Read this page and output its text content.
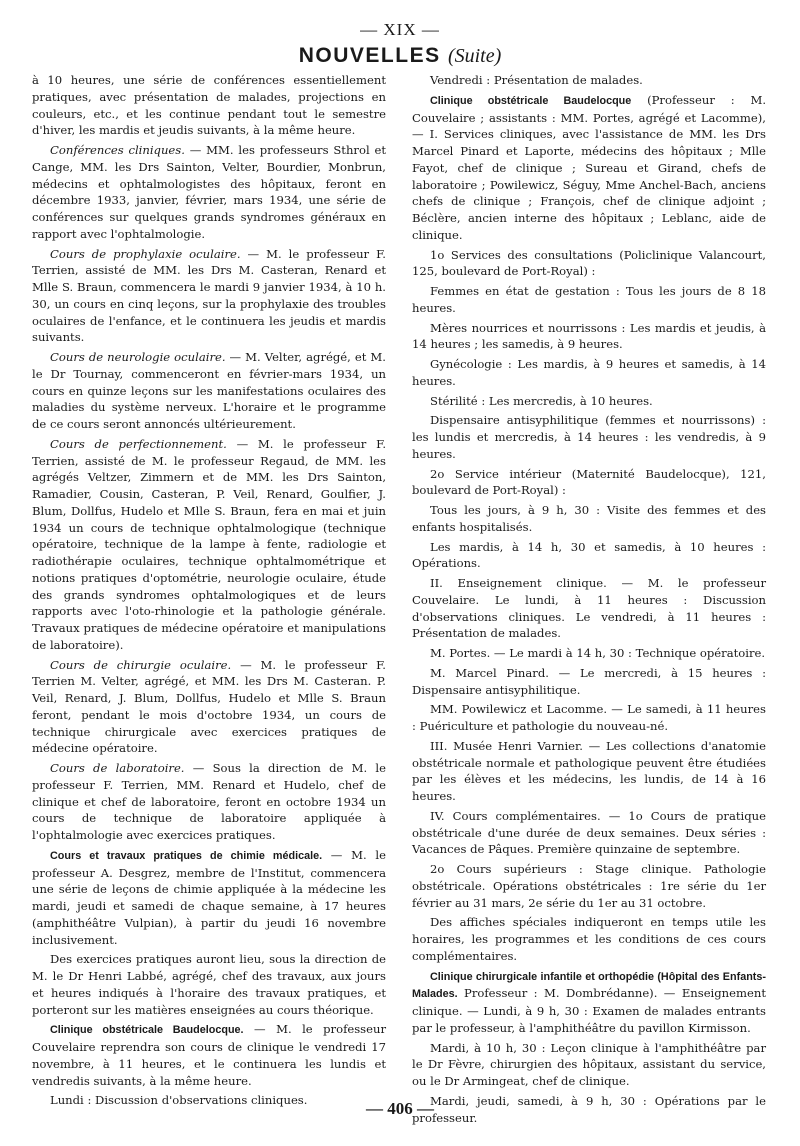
— XIX —
NOUVELLES (Suite)

à 10 heures, une série de conférences essentiellement pratiques, avec présentation de malades, projections en couleurs, etc., et les continue pendant tout le semestre d'hiver, les mardis et jeudis suivants, à la même heure.

Conférences cliniques. — MM. les professeurs Sthrol et Cange, MM. les Drs Sainton, Velter, Bourdier, Monbrun, médecins et ophtalmologistes des hôpitaux, feront en décembre 1933, janvier, février, mars 1934, une série de conférences sur quelques grands syndromes généraux en rapport avec l'ophtalmologie.

Cours de prophylaxie oculaire. — M. le professeur F. Terrien, assisté de MM. les Drs M. Casteran, Renard et Mlle S. Braun, commencera le mardi 9 janvier 1934, à 10 h. 30, un cours en cinq leçons, sur la prophylaxie des troubles oculaires de l'enfance, et le continuera les jeudis et mardis suivants.

Cours de neurologie oculaire. — M. Velter, agrégé, et M. le Dr Tournay, commenceront en février-mars 1934, un cours en quinze leçons sur les manifestations oculaires des maladies du système nerveux. L'horaire et le programme de ce cours seront annoncés ultérieurement.

Cours de perfectionnement. — M. le professeur F. Terrien, assisté de M. le professeur Regaud, de MM. les agrégés Veltzer, Zimmern et de MM. les Drs Sainton, Ramadier, Cousin, Casteran, P. Veil, Renard, Goulfier, J. Blum, Dollfus, Hudelo et Mlle S. Braun, fera en mai et juin 1934 un cours de technique ophtalmologique (technique opératoire, technique de la lampe à fente, radiologie et radiothérapie oculaires, technique ophtalmométrique et notions pratiques d'optométrie, neurologie oculaire, étude des grands syndromes ophtalmologiques et de leurs rapports avec l'oto-rhinologie et la pathologie générale. Travaux pratiques de médecine opératoire et manipulations de laboratoire).

Cours de chirurgie oculaire. — M. le professeur F. Terrien M. Velter, agrégé, et MM. les Drs M. Casteran. P. Veil, Renard, J. Blum, Dollfus, Hudelo et Mlle S. Braun feront, pendant le mois d'octobre 1934, un cours de technique chirurgicale avec exercices pratiques de médecine opératoire.

Cours de laboratoire. — Sous la direction de M. le professeur F. Terrien, MM. Renard et Hudelo, chef de clinique et chef de laboratoire, feront en octobre 1934 un cours de technique de laboratoire appliquée à l'ophtalmologie avec exercices pratiques.

Cours et travaux pratiques de chimie médicale. — M. le professeur A. Desgrez, membre de l'Institut, commencera une série de leçons de chimie appliquée à la médecine les mardi, jeudi et samedi de chaque semaine, à 17 heures (amphithéâtre Vulpian), à partir du jeudi 16 novembre inclusivement.

Des exercices pratiques auront lieu, sous la direction de M. le Dr Henri Labbé, agrégé, chef des travaux, aux jours et heures indiqués à l'horaire des travaux pratiques, et porteront sur les matières enseignées au cours théorique.

Clinique obstétricale Baudelocque. — M. le professeur Couvelaire reprendra son cours de clinique le vendredi 17 novembre, à 11 heures, et le continuera les lundis et vendredis suivants, à la même heure.

Lundi : Discussion d'observations cliniques.

Vendredi : Présentation de malades.

Clinique obstétricale Baudelocque (Professeur : M. Couvelaire ; assistants : MM. Portes, agrégé et Lacomme), — I. Services cliniques, avec l'assistance de MM. les Drs Marcel Pinard et Laporte, médecins des hôpitaux ; Mlle Fayot, chef de clinique ; Sureau et Girand, chefs de laboratoire ; Powilewicz, Séguy, Mme Anchel-Bach, anciens chefs de clinique ; François, chef de clinique adjoint ; Béclère, ancien interne des hôpitaux ; Leblanc, aide de clinique.

1o Services des consultations (Policlinique Valancourt, 125, boulevard de Port-Royal) :

Femmes en état de gestation : Tous les jours de 8 18 heures.

Mères nourrices et nourrissons : Les mardis et jeudis, à 14 heures ; les samedis, à 9 heures.

Gynécologie : Les mardis, à 9 heures et samedis, à 14 heures.

Stérilité : Les mercredis, à 10 heures.

Dispensaire antisyphilitique (femmes et nourrissons) : les lundis et mercredis, à 14 heures : les vendredis, à 9 heures.

2o Service intérieur (Maternité Baudelocque), 121, boulevard de Port-Royal) :

Tous les jours, à 9 h, 30 : Visite des femmes et des enfants hospitalisés.

Les mardis, à 14 h, 30 et samedis, à 10 heures : Opérations.

II. Enseignement clinique. — M. le professeur Couvelaire. Le lundi, à 11 heures : Discussion d'observations cliniques. Le vendredi, à 11 heures : Présentation de malades.

M. Portes. — Le mardi à 14 h, 30 : Technique opératoire.

M. Marcel Pinard. — Le mercredi, à 15 heures : Dispensaire antisyphilitique.

MM. Powilewicz et Lacomme. — Le samedi, à 11 heures : Puériculture et pathologie du nouveau-né.

III. Musée Henri Varnier. — Les collections d'anatomie obstétricale normale et pathologique peuvent être étudiées par les élèves et les médecins, les lundis, de 14 à 16 heures.

IV. Cours complémentaires. — 1o Cours de pratique obstétricale d'une durée de deux semaines. Deux séries : Vacances de Pâques. Première quinzaine de septembre.

2o Cours supérieurs : Stage clinique. Pathologie obstétricale. Opérations obstétricales : 1re série du 1er février au 31 mars, 2e série du 1er au 31 octobre.

Des affiches spéciales indiqueront en temps utile les horaires, les programmes et les conditions de ces cours complémentaires.

Clinique chirurgicale infantile et orthopédie (Hôpital des Enfants-Malades. Professeur : M. Dombrédanne). — Enseignement clinique. — Lundi, à 9 h, 30 : Examen de malades entrants par le professeur, à l'amphithéâtre du pavillon Kirmisson.

Mardi, à 10 h, 30 : Leçon clinique à l'amphithéâtre par le Dr Fèvre, chirurgien des hôpitaux, assistant du service, ou le Dr Armingeat, chef de clinique.

Mardi, jeudi, samedi, à 9 h, 30 : Opérations par le professeur.

— 406 —
